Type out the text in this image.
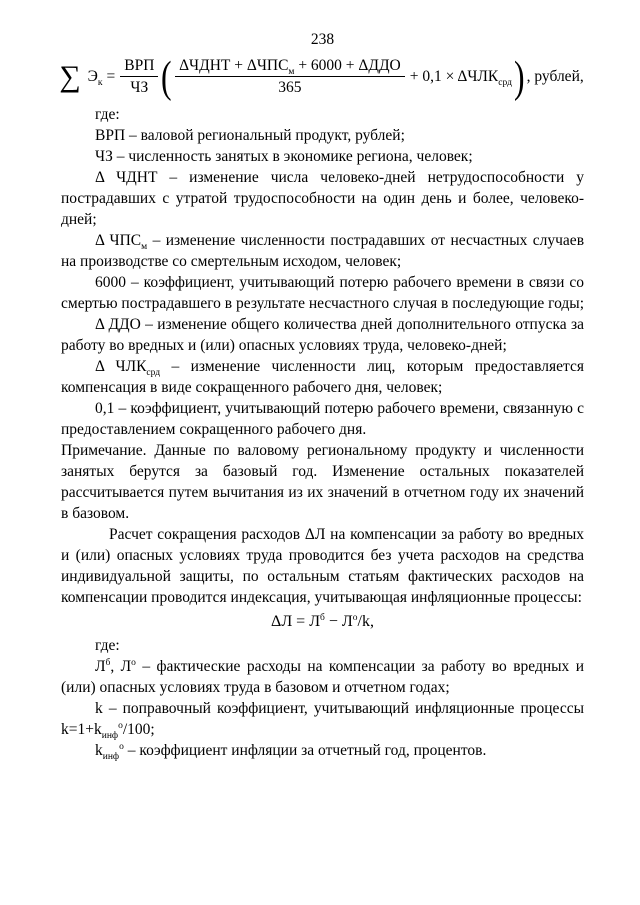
238
∑ $Э_к = \frac{\text{ВРП}}{ЧЗ}$ ( $\frac{\Delta ЧДНТ + \Delta ЧПС_м + 6000 + \Delta ДДО}{365} + 0,1 \times \Delta ЧЛК_{срд}$ ) , рублей,

где:

ВРП – валовой региональный продукт, рублей;

ЧЗ – численность занятых в экономике региона, человек;

Δ ЧДНТ – изменение числа человеко-дней нетрудоспособности у пострадавших с утратой трудоспособности на один день и более, человеко-дней;

Δ $ЧПС_м$ – изменение численности пострадавших от несчастных случаев на производстве со смертельным исходом, человек;

6000 – коэффициент, учитывающий потерю рабочего времени в связи со смертью пострадавшего в результате несчастного случая в последующие годы;

Δ ДДО – изменение общего количества дней дополнительного отпуска за работу во вредных и (или) опасных условиях труда, человеко-дней;

Δ $ЧЛК_{срд}$ – изменение численности лиц, которым предоставляется компенсация в виде сокращенного рабочего дня, человек;

0,1 – коэффициент, учитывающий потерю рабочего времени, связанную с предоставлением сокращенного рабочего дня.

Примечание. Данные по валовому региональному продукту и численности занятых берутся за базовый год. Изменение остальных показателей рассчитывается путем вычитания из их значений в отчетном году их значений в базовом.

Расчет сокращения расходов ΔЛ на компенсации за работу во вредных и (или) опасных условиях труда проводится без учета расходов на средства индивидуальной защиты, по остальным статьям фактических расходов на компенсации проводится индексация, учитывающая инфляционные процессы:

$\Delta Л = Л^б - Л^о/k$,

где:

$Л^б$, $Л^о$ – фактические расходы на компенсации за работу во вредных и (или) опасных условиях труда в базовом и отчетном годах;

k – поправочный коэффициент, учитывающий инфляционные процессы $k=1+k_{инф}^о/100$;

$k_{инф}^о$ – коэффициент инфляции за отчетный год, процентов.
